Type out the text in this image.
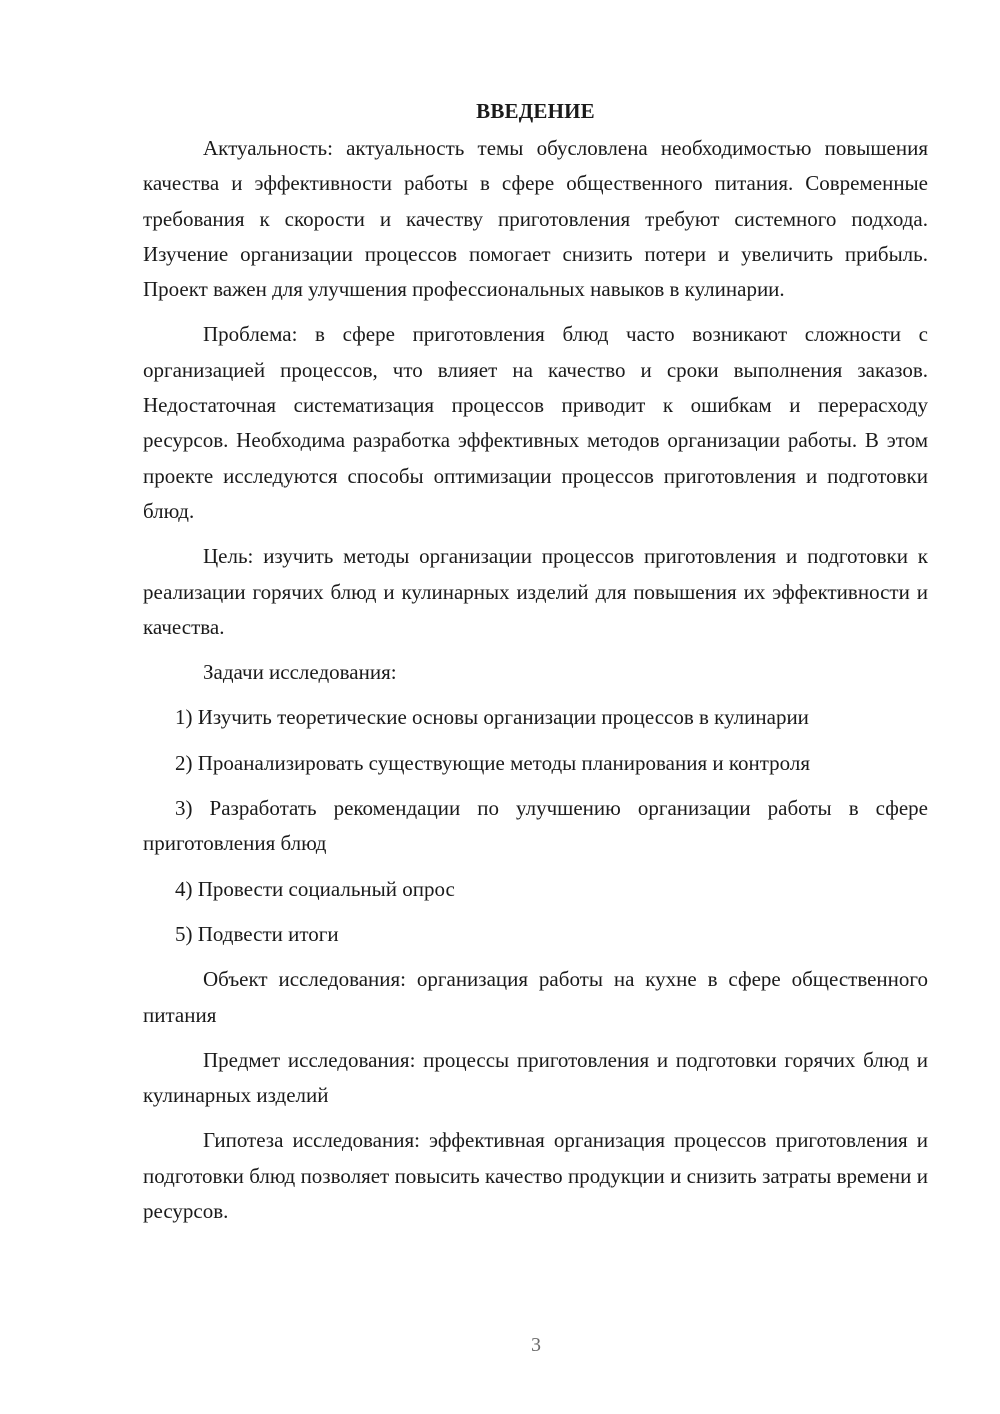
ВВЕДЕНИЕ

Актуальность: актуальность темы обусловлена необходимостью повышения качества и эффективности работы в сфере общественного питания. Современные требования к скорости и качеству приготовления требуют системного подхода. Изучение организации процессов помогает снизить потери и увеличить прибыль. Проект важен для улучшения профессиональных навыков в кулинарии.

Проблема: в сфере приготовления блюд часто возникают сложности с организацией процессов, что влияет на качество и сроки выполнения заказов. Недостаточная систематизация процессов приводит к ошибкам и перерасходу ресурсов. Необходима разработка эффективных методов организации работы. В этом проекте исследуются способы оптимизации процессов приготовления и подготовки блюд.

Цель: изучить методы организации процессов приготовления и подготовки к реализации горячих блюд и кулинарных изделий для повышения их эффективности и качества.

Задачи исследования:

1) Изучить теоретические основы организации процессов в кулинарии

2) Проанализировать существующие методы планирования и контроля

3) Разработать рекомендации по улучшению организации работы в сфере приготовления блюд

4) Провести социальный опрос

5) Подвести итоги

Объект исследования: организация работы на кухне в сфере общественного питания

Предмет исследования: процессы приготовления и подготовки горячих блюд и кулинарных изделий

Гипотеза исследования: эффективная организация процессов приготовления и подготовки блюд позволяет повысить качество продукции и снизить затраты времени и ресурсов.

3
